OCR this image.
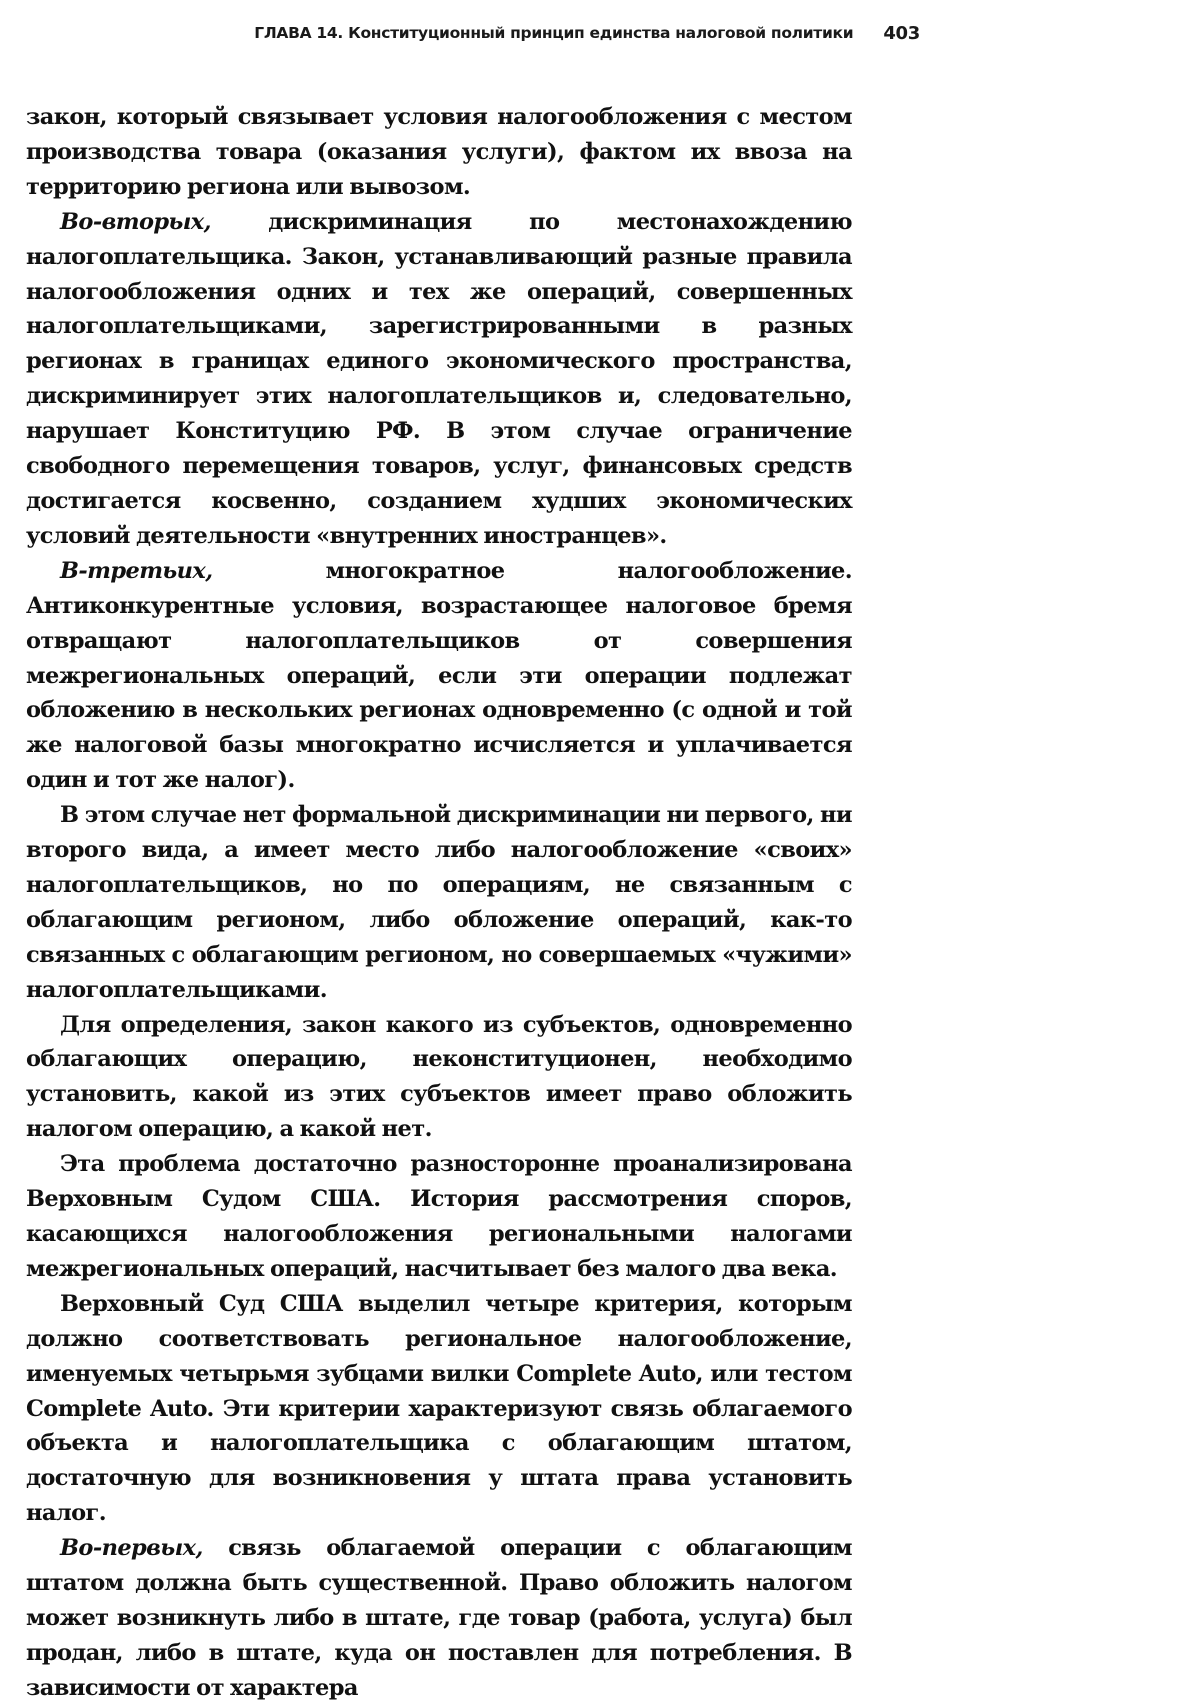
ГЛАВА 14. Конституционный принцип единства налоговой политики 403

закон, который связывает условия налогообложения с местом производства товара (оказания услуги), фактом их ввоза на территорию региона или вывозом.

Во-вторых, дискриминация по местонахождению налогоплательщика. Закон, устанавливающий разные правила налогообложения одних и тех же операций, совершенных налогоплательщиками, зарегистрированными в разных регионах в границах единого экономического пространства, дискриминирует этих налогоплательщиков и, следовательно, нарушает Конституцию РФ. В этом случае ограничение свободного перемещения товаров, услуг, финансовых средств достигается косвенно, созданием худших экономических условий деятельности «внутренних иностранцев».

В-третьих, многократное налогообложение. Антиконкурентные условия, возрастающее налоговое бремя отвращают налогоплательщиков от совершения межрегиональных операций, если эти операции подлежат обложению в нескольких регионах одновременно (с одной и той же налоговой базы многократно исчисляется и уплачивается один и тот же налог).

В этом случае нет формальной дискриминации ни первого, ни второго вида, а имеет место либо налогообложение «своих» налогоплательщиков, но по операциям, не связанным с облагающим регионом, либо обложение операций, как-то связанных с облагающим регионом, но совершаемых «чужими» налогоплательщиками.

Для определения, закон какого из субъектов, одновременно облагающих операцию, неконституционен, необходимо установить, какой из этих субъектов имеет право обложить налогом операцию, а какой нет.

Эта проблема достаточно разносторонне проанализирована Верховным Судом США. История рассмотрения споров, касающихся налогообложения региональными налогами межрегиональных операций, насчитывает без малого два века.

Верховный Суд США выделил четыре критерия, которым должно соответствовать региональное налогообложение, именуемых четырьмя зубцами вилки Complete Auto, или тестом Complete Auto. Эти критерии характеризуют связь облагаемого объекта и налогоплательщика с облагающим штатом, достаточную для возникновения у штата права установить налог.

Во-первых, связь облагаемой операции с облагающим штатом должна быть существенной. Право обложить налогом может возникнуть либо в штате, где товар (работа, услуга) был продан, либо в штате, куда он поставлен для потребления. В зависимости от характера
